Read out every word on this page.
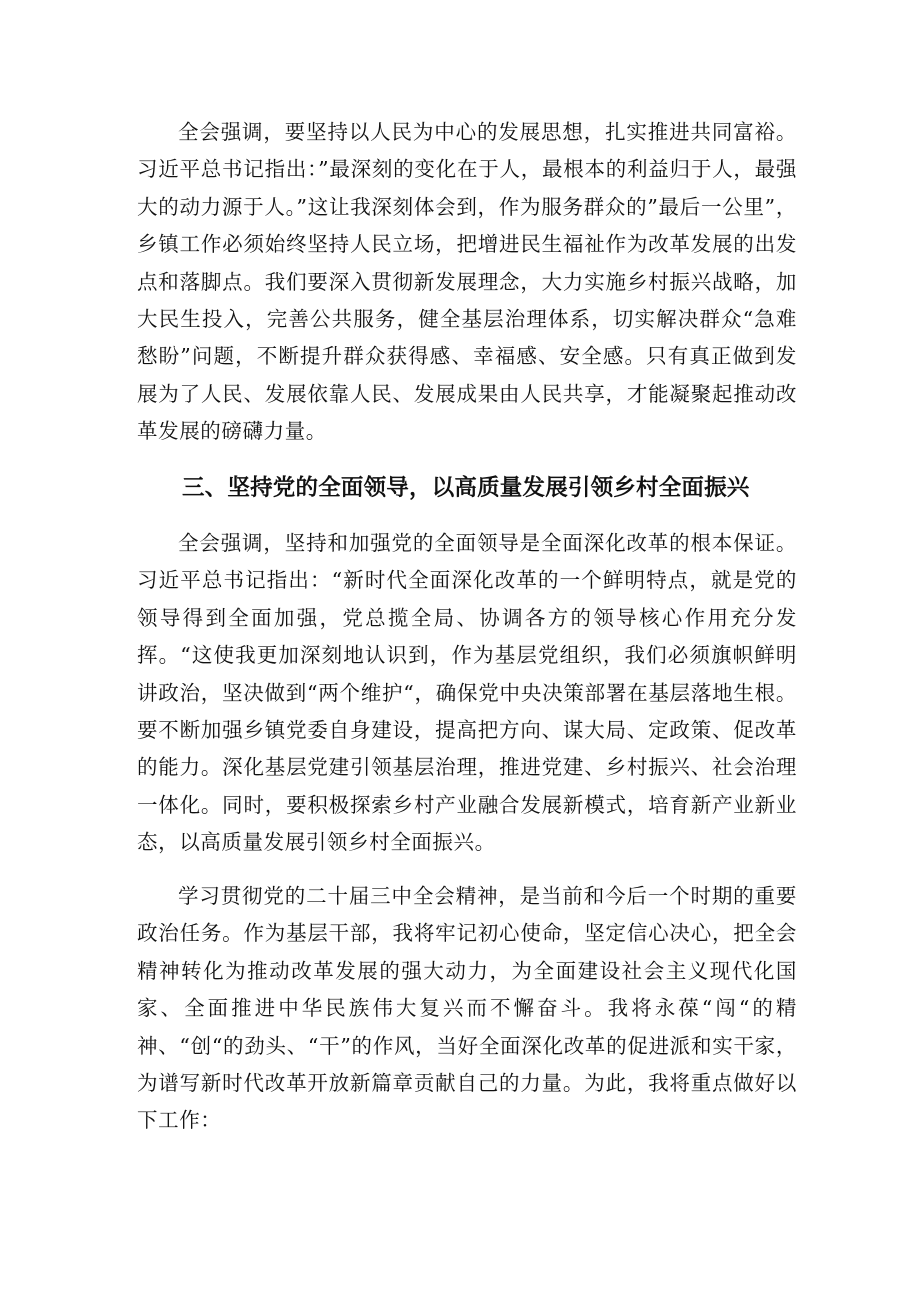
全会强调，要坚持以人民为中心的发展思想，扎实推进共同富裕。习近平总书记指出：”最深刻的变化在于人，最根本的利益归于人，最强大的动力源于人。”这让我深刻体会到，作为服务群众的”最后一公里”，乡镇工作必须始终坚持人民立场，把增进民生福祉作为改革发展的出发点和落脚点。我们要深入贯彻新发展理念，大力实施乡村振兴战略，加大民生投入，完善公共服务，健全基层治理体系，切实解决群众“急难愁盼”问题，不断提升群众获得感、幸福感、安全感。只有真正做到发展为了人民、发展依靠人民、发展成果由人民共享，才能凝聚起推动改革发展的磅礴力量。

三、坚持党的全面领导，以高质量发展引领乡村全面振兴

全会强调，坚持和加强党的全面领导是全面深化改革的根本保证。习近平总书记指出：“新时代全面深化改革的一个鲜明特点，就是党的领导得到全面加强，党总揽全局、协调各方的领导核心作用充分发挥。“这使我更加深刻地认识到，作为基层党组织，我们必须旗帜鲜明讲政治，坚决做到“两个维护“，确保党中央决策部署在基层落地生根。要不断加强乡镇党委自身建设，提高把方向、谋大局、定政策、促改革的能力。深化基层党建引领基层治理，推进党建、乡村振兴、社会治理一体化。同时，要积极探索乡村产业融合发展新模式，培育新产业新业态，以高质量发展引领乡村全面振兴。

学习贯彻党的二十届三中全会精神，是当前和今后一个时期的重要政治任务。作为基层干部，我将牢记初心使命，坚定信心决心，把全会精神转化为推动改革发展的强大动力，为全面建设社会主义现代化国家、全面推进中华民族伟大复兴而不懈奋斗。我将永葆“闯“的精神、“创“的劲头、“干”的作风，当好全面深化改革的促进派和实干家，为谱写新时代改革开放新篇章贡献自己的力量。为此，我将重点做好以下工作：
